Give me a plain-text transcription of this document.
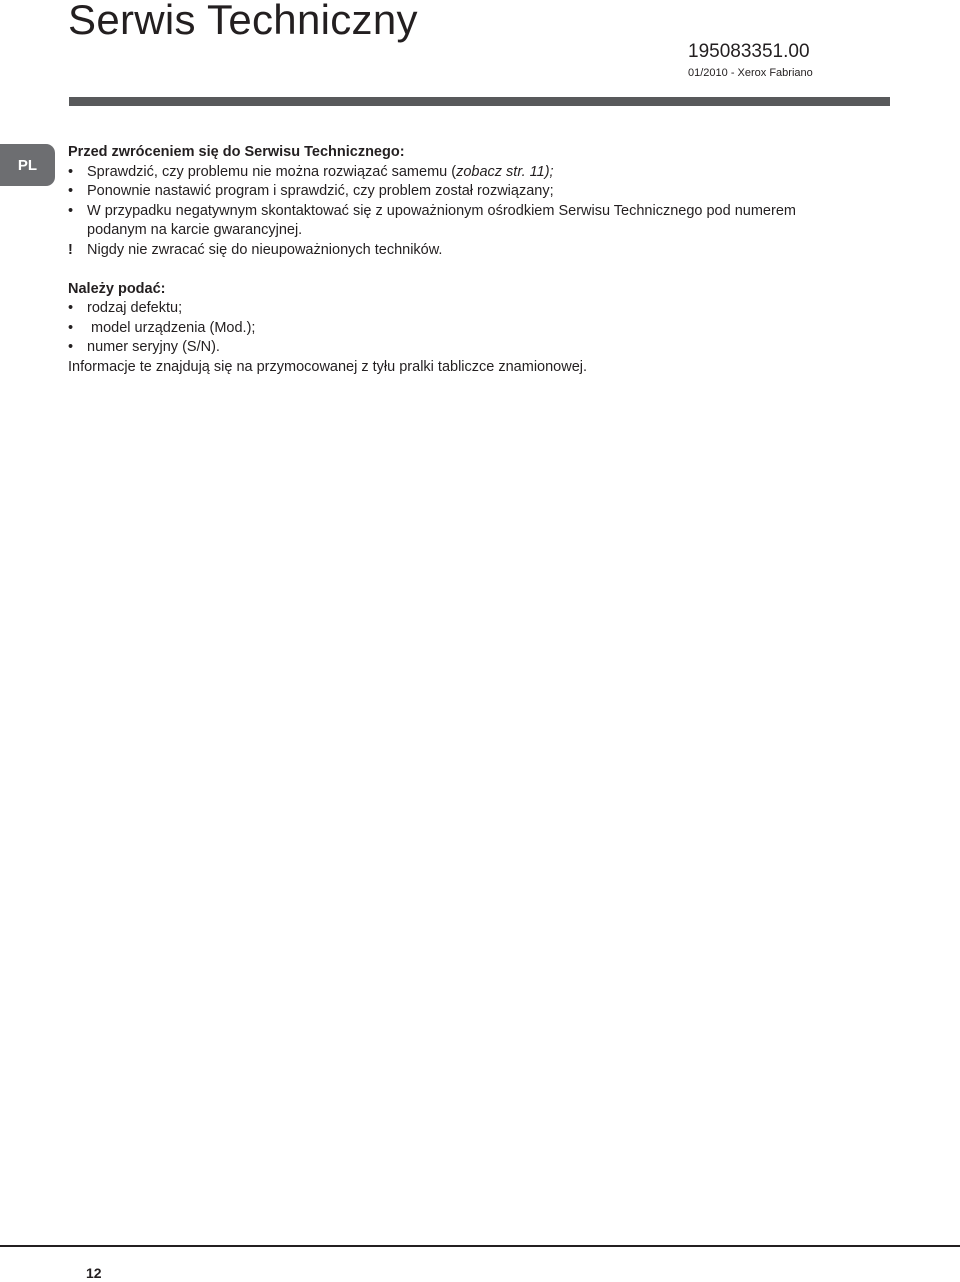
Serwis Techniczny
195083351.00
01/2010 - Xerox Fabriano
PL
Przed zwróceniem się do Serwisu Technicznego:
• Sprawdzić, czy problemu nie można rozwiązać samemu (zobacz str. 11);
• Ponownie nastawić program i sprawdzić, czy problem został rozwiązany;
• W przypadku negatywnym skontaktować się z upoważnionym ośrodkiem Serwisu Technicznego pod numerem
podanym na karcie gwarancyjnej.
! Nigdy nie zwracać się do nieupoważnionych techników.
Należy podać:
• rodzaj defektu;
• model urządzenia (Mod.);
• numer seryjny (S/N).
Informacje te znajdują się na przymocowanej z tyłu pralki tabliczce znamionowej.
12
